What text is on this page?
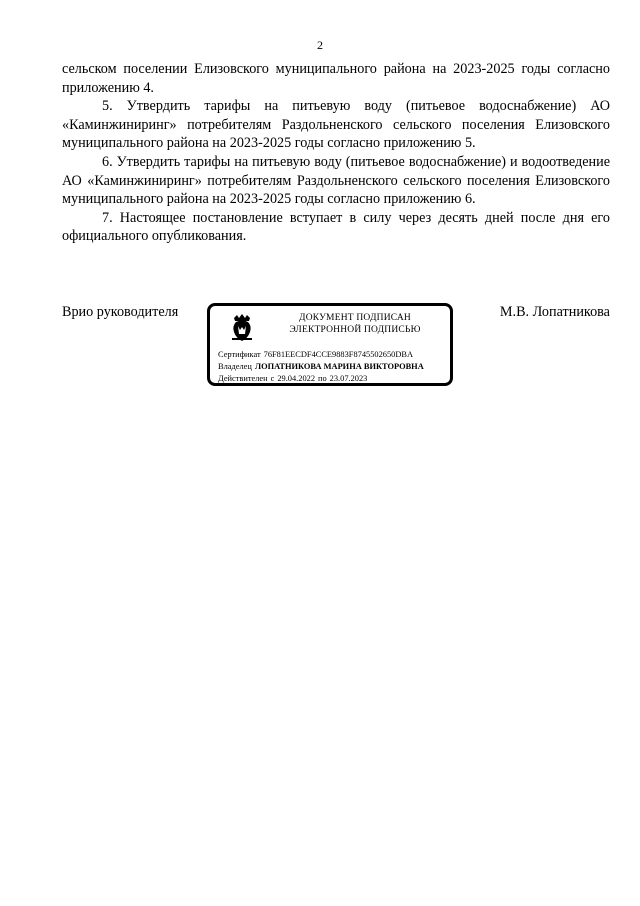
2

сельском поселении Елизовского муниципального района на 2023-2025 годы согласно приложению 4.

5. Утвердить тарифы на питьевую воду (питьевое водоснабжение) АО «Каминжиниринг» потребителям Раздольненского сельского поселения Елизовского муниципального района на 2023-2025 годы согласно приложению 5.

6. Утвердить тарифы на питьевую воду (питьевое водоснабжение) и водоотведение АО «Каминжиниринг» потребителям Раздольненского сельского поселения Елизовского муниципального района на 2023-2025 годы согласно приложению 6.

7. Настоящее постановление вступает в силу через десять дней после дня его официального опубликования.

Врио руководителя	М.В. Лопатникова
ДОКУМЕНТ ПОДПИСАН
ЭЛЕКТРОННОЙ ПОДПИСЬЮ
Сертификат 76F81EECDF4CCE9883F8745502650DBA
Владелец ЛОПАТНИКОВА МАРИНА ВИКТОРОВНА
Действителен с 29.04.2022 по 23.07.2023
